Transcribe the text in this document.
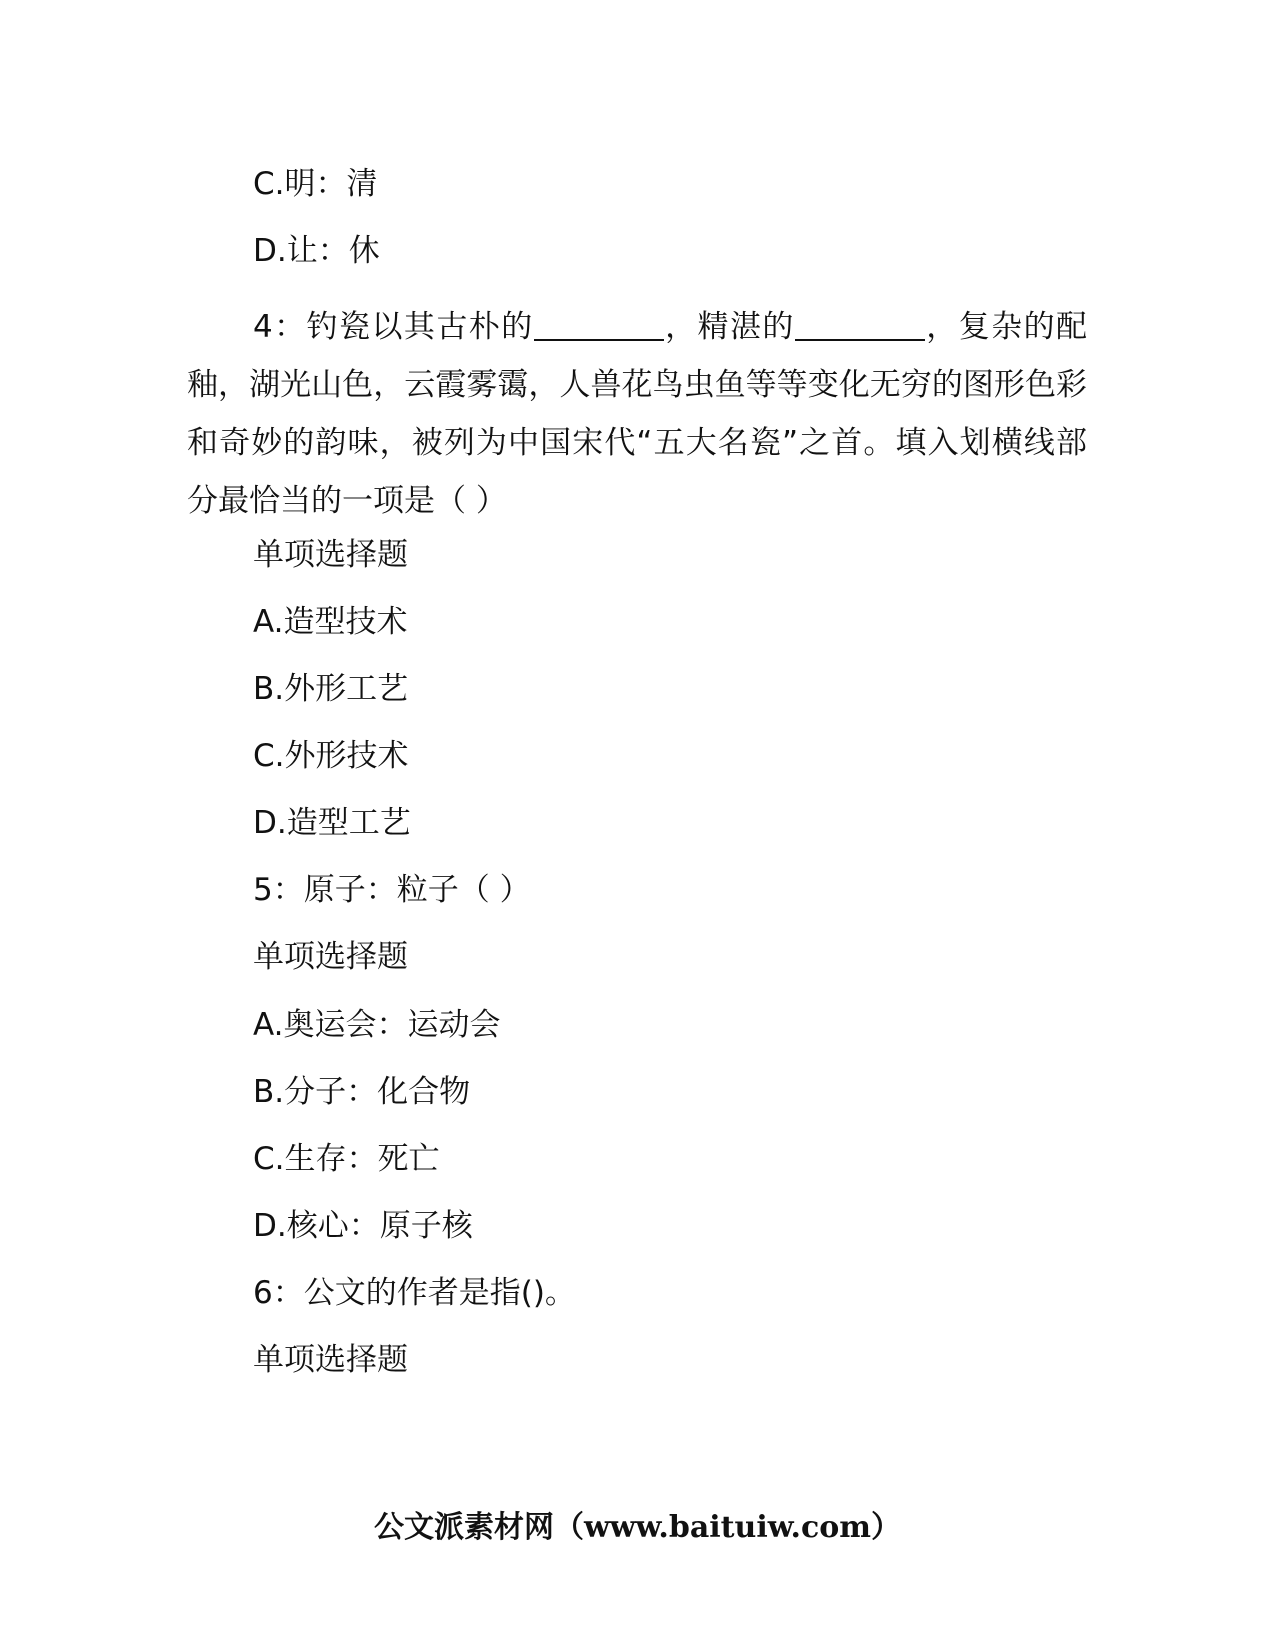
C.明：清
D.让：休
4：钓瓷以其古朴的	，精湛的	，复杂的配釉，湖光山色，云霞雾霭，人兽花鸟虫鱼等等变化无穷的图形色彩和奇妙的韵味，被列为中国宋代“五大名瓷”之首。填入划横线部分最恰当的一项是（ ）
单项选择题
A.造型技术
B.外形工艺
C.外形技术
D.造型工艺
5：原子：粒子（ ）
单项选择题
A.奥运会：运动会
B.分子：化合物
C.生存：死亡
D.核心：原子核
6：公文的作者是指()。
单项选择题
公文派素材网（www.baituiw.com）
